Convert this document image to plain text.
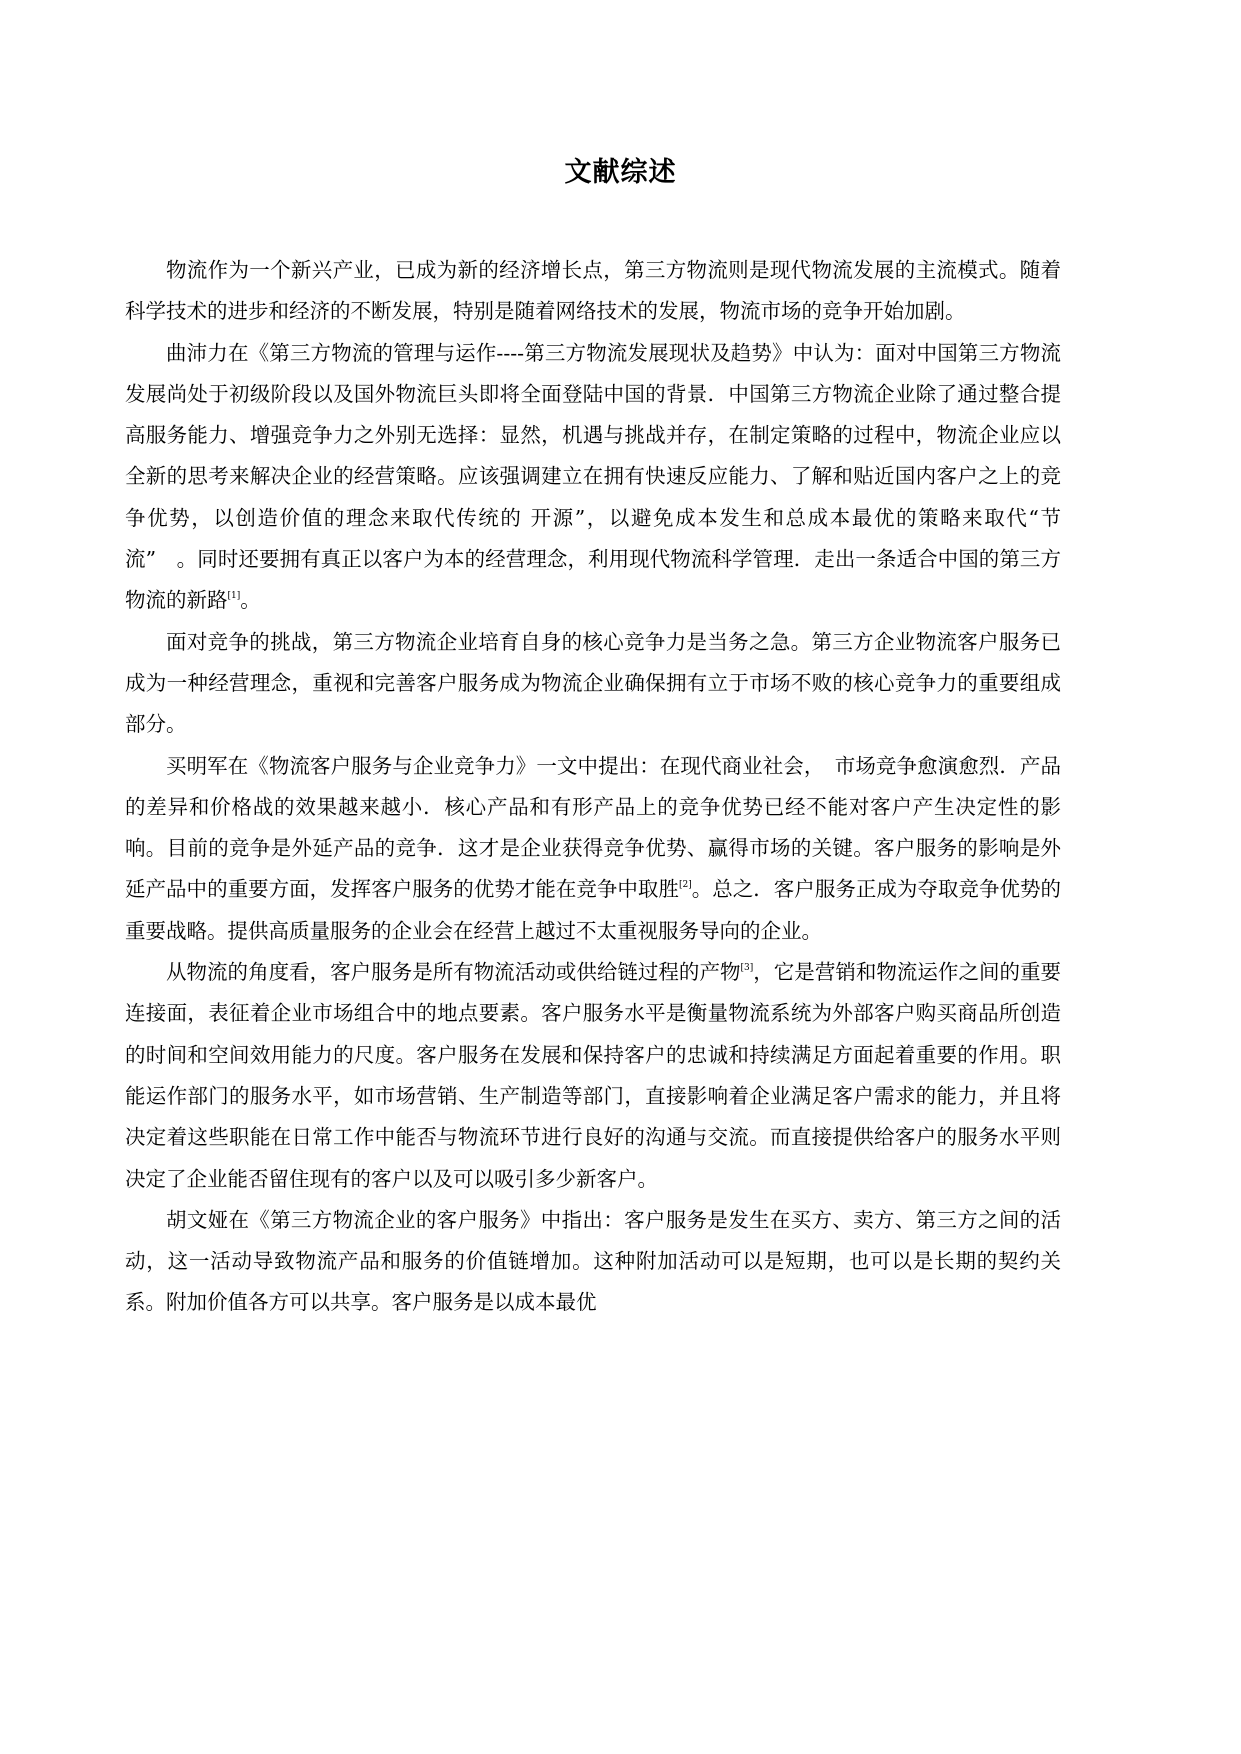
文献综述

物流作为一个新兴产业，已成为新的经济增长点，第三方物流则是现代物流发展的主流模式。随着科学技术的进步和经济的不断发展，特别是随着网络技术的发展，物流市场的竞争开始加剧。

曲沛力在《第三方物流的管理与运作----第三方物流发展现状及趋势》中认为：面对中国第三方物流发展尚处于初级阶段以及国外物流巨头即将全面登陆中国的背景．中国第三方物流企业除了通过整合提高服务能力、增强竞争力之外别无选择：显然，机遇与挑战并存，在制定策略的过程中，物流企业应以全新的思考来解决企业的经营策略。应该强调建立在拥有快速反应能力、了解和贴近国内客户之上的竞争优势，以创造价值的理念来取代传统的 开源”，以避免成本发生和总成本最优的策略来取代“节流”　。同时还要拥有真正以客户为本的经营理念，利用现代物流科学管理．走出一条适合中国的第三方物流的新路[1]。

面对竞争的挑战，第三方物流企业培育自身的核心竞争力是当务之急。第三方企业物流客户服务已成为一种经营理念，重视和完善客户服务成为物流企业确保拥有立于市场不败的核心竞争力的重要组成部分。

买明军在《物流客户服务与企业竞争力》一文中提出：在现代商业社会，　市场竞争愈演愈烈．产品的差异和价格战的效果越来越小．核心产品和有形产品上的竞争优势已经不能对客户产生决定性的影响。目前的竞争是外延产品的竞争．这才是企业获得竞争优势、赢得市场的关键。客户服务的影响是外延产品中的重要方面，发挥客户服务的优势才能在竞争中取胜[2]。总之．客户服务正成为夺取竞争优势的重要战略。提供高质量服务的企业会在经营上越过不太重视服务导向的企业。

从物流的角度看，客户服务是所有物流活动或供给链过程的产物[3]，它是营销和物流运作之间的重要连接面，表征着企业市场组合中的地点要素。客户服务水平是衡量物流系统为外部客户购买商品所创造的时间和空间效用能力的尺度。客户服务在发展和保持客户的忠诚和持续满足方面起着重要的作用。职能运作部门的服务水平，如市场营销、生产制造等部门，直接影响着企业满足客户需求的能力，并且将决定着这些职能在日常工作中能否与物流环节进行良好的沟通与交流。而直接提供给客户的服务水平则决定了企业能否留住现有的客户以及可以吸引多少新客户。

胡文娅在《第三方物流企业的客户服务》中指出：客户服务是发生在买方、卖方、第三方之间的活动，这一活动导致物流产品和服务的价值链增加。这种附加活动可以是短期，也可以是长期的契约关系。附加价值各方可以共享。客户服务是以成本最优
